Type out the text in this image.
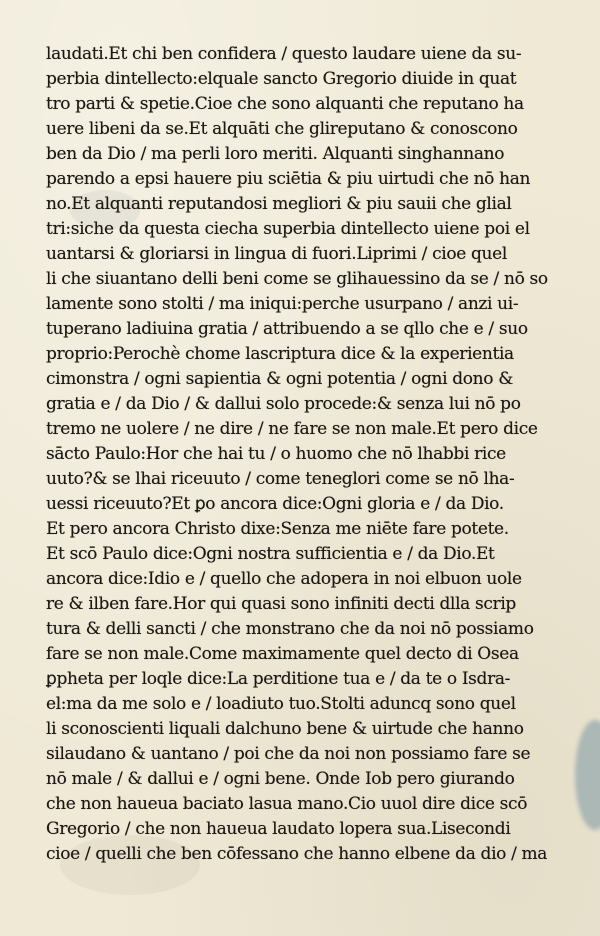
laudati.Et chi ben confidera / questo laudare uiene da su-
perbia dintellecto:elquale sancto Gregorio diuide in quat
tro parti & spetie.Cioe che sono alquanti che reputano ha
uere libeni da se.Et alquāti che glireputano & conoscono
ben da Dio / ma perli loro meriti. Alquanti singhannano
parendo a epsi hauere piu sciētia & piu uirtudi che nō han
no.Et alquanti reputandosi megliori & piu sauii che glial
tri:siche da questa ciecha superbia dintellecto uiene poi el
uantarsi & gloriarsi in lingua di fuori.Liprimi / cioe quel
li che siuantano delli beni come se glihauessino da se / nō so
lamente sono stolti / ma iniqui:perche usurpano / anzi ui-
tuperano ladiuina gratia / attribuendo a se qllo che e / suo
proprio:Perochè chome lascriptura dice & la experientia
cimonstra / ogni sapientia & ogni potentia / ogni dono &
gratia e / da Dio / & dallui solo procede:& senza lui nō po
tremo ne uolere / ne dire / ne fare se non male.Et pero dice
sācto Paulo:Hor che hai tu / o huomo che nō lhabbi rice
uuto?& se lhai riceuuto / come teneglori come se nō lha-
uessi riceuuto?Et ꝑo ancora dice:Ogni gloria e / da Dio.
Et pero ancora Christo dixe:Senza me niēte fare potete.
Et scō Paulo dice:Ogni nostra sufficientia e / da Dio.Et
ancora dice:Idio e / quello che adopera in noi elbuon uole
re & ilben fare.Hor qui quasi sono infiniti decti dlla scrip
tura & delli sancti / che monstrano che da noi nō possiamo
fare se non male.Come maximamente quel decto di Osea
ꝑpheta per loqle dice:La perditione tua e / da te o Isdra-
el:ma da me solo e / loadiuto tuo.Stolti aduncq sono quel
li sconoscienti liquali dalchuno bene & uirtude che hanno
silaudano & uantano / poi che da noi non possiamo fare se
nō male / & dallui e / ogni bene. Onde Iob pero giurando
che non haueua baciato lasua mano.Cio uuol dire dice scō
Gregorio / che non haueua laudato lopera sua.Lisecondi
cioe / quelli che ben cōfessano che hanno elbene da dio / ma
